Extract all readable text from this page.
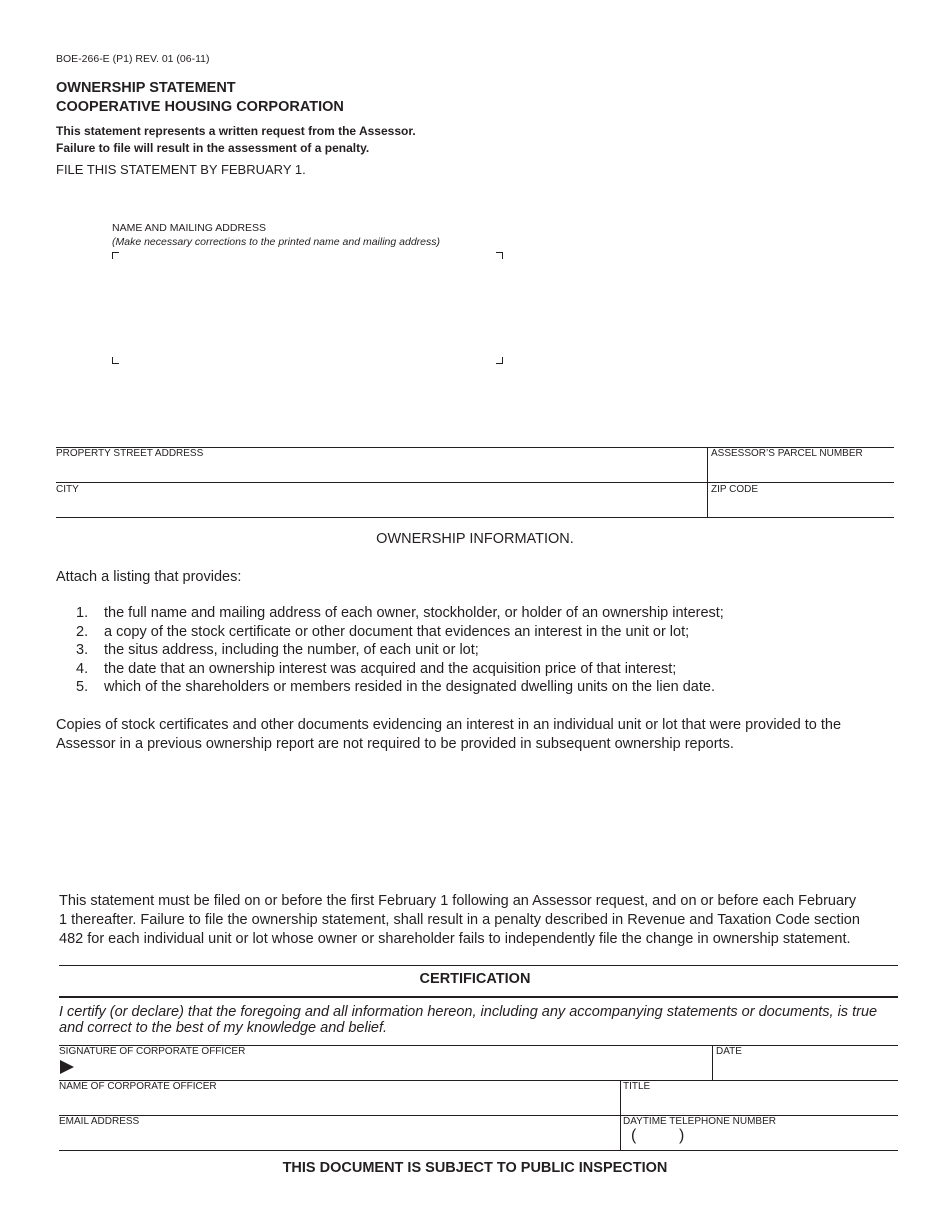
BOE-266-E (P1) REV. 01 (06-11)
OWNERSHIP STATEMENT
COOPERATIVE HOUSING CORPORATION
This statement represents a written request from the Assessor.
Failure to file will result in the assessment of a penalty.
FILE THIS STATEMENT BY FEBRUARY 1.
NAME AND MAILING ADDRESS
(Make necessary corrections to the printed name and mailing address)
PROPERTY STREET ADDRESS	ASSESSOR’S PARCEL NUMBER
CITY	ZIP CODE
OWNERSHIP INFORMATION.
Attach a listing that provides:
1.	the full name and mailing address of each owner, stockholder, or holder of an ownership interest;
2.	a copy of the stock certificate or other document that evidences an interest in the unit or lot;
3.	the situs address, including the number, of each unit or lot;
4.	the date that an ownership interest was acquired and the acquisition price of that interest;
5.	which of the shareholders or members resided in the designated dwelling units on the lien date.
Copies of stock certificates and other documents evidencing an interest in an individual unit or lot that were provided to the
Assessor in a previous ownership report are not required to be provided in subsequent ownership reports.
This statement must be filed on or before the first February 1 following an Assessor request, and on or before each February
1 thereafter. Failure to file the ownership statement, shall result in a penalty described in Revenue and Taxation Code section
482 for each individual unit or lot whose owner or shareholder fails to independently file the change in ownership statement.
CERTIFICATION
I certify (or declare) that the foregoing and all information hereon, including any accompanying statements or documents, is true and correct to the best of my knowledge and belief.
SIGNATURE OF CORPORATE OFFICER	DATE
NAME OF CORPORATE OFFICER	TITLE
EMAIL ADDRESS	DAYTIME TELEPHONE NUMBER
(	)
THIS DOCUMENT IS SUBJECT TO PUBLIC INSPECTION
